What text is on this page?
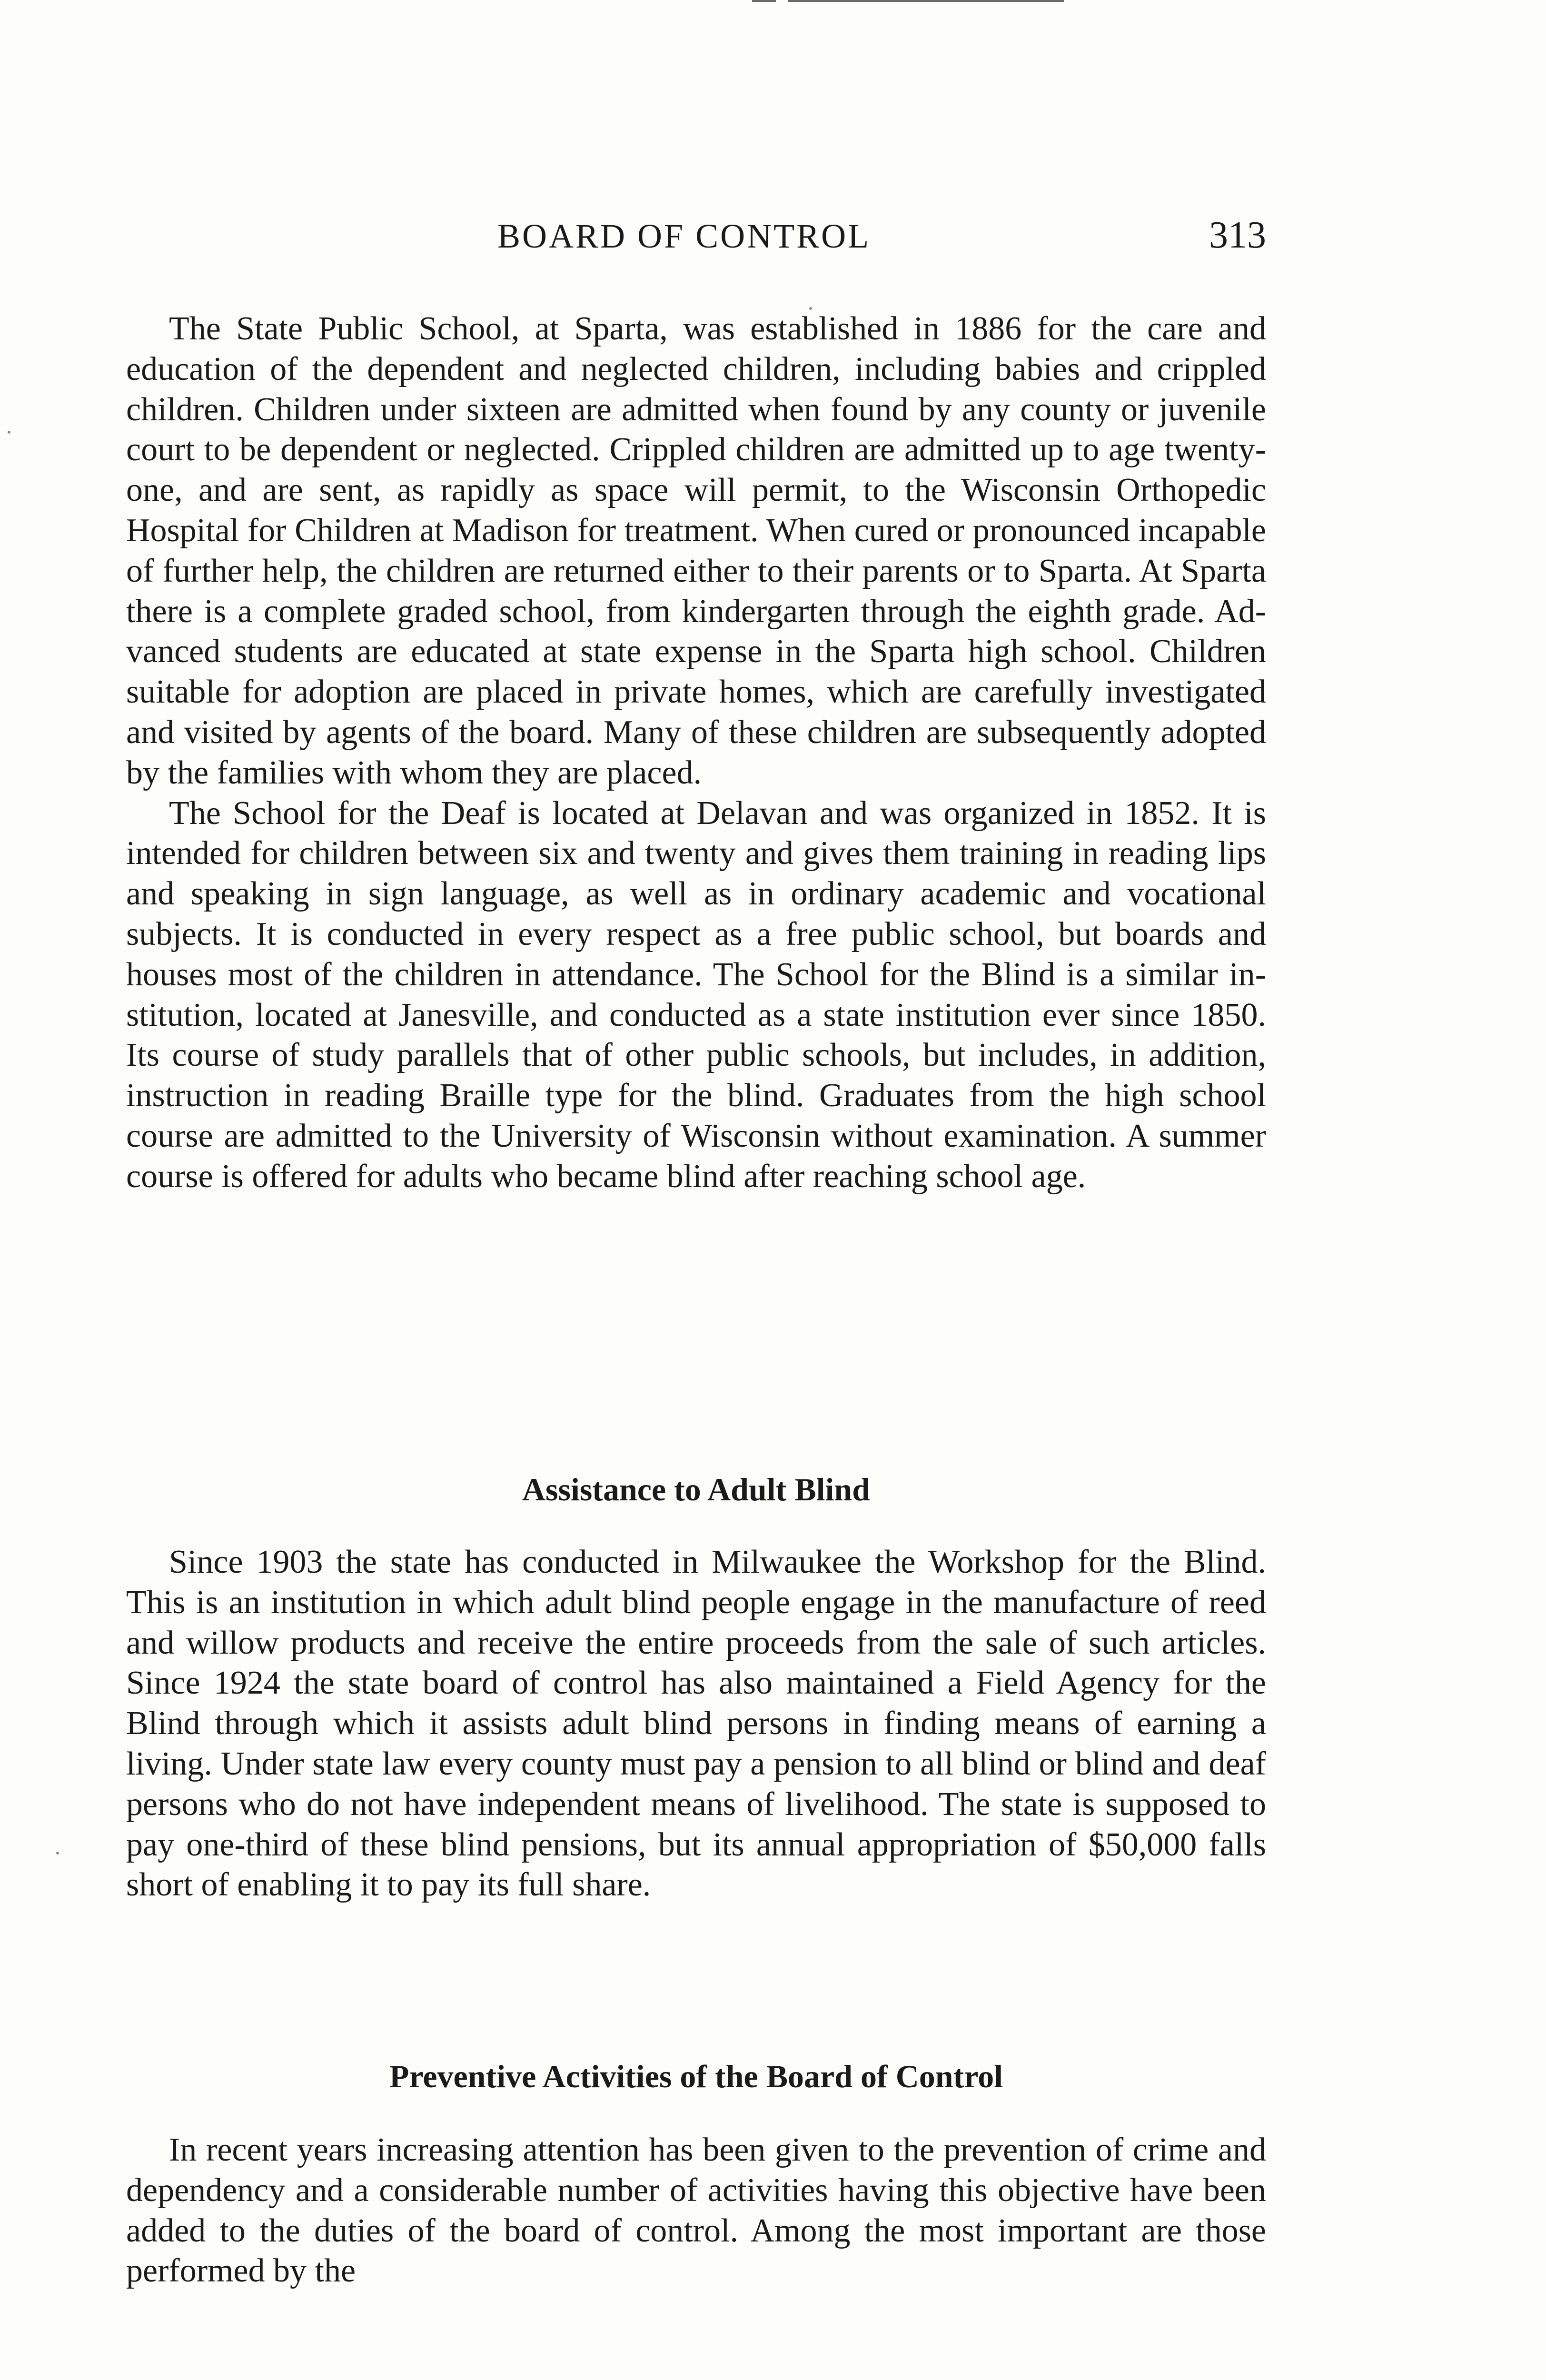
BOARD OF CONTROL	313

The State Public School, at Sparta, was established in 1886 for the care and education of the dependent and neglected children, including babies and crippled children. Children under sixteen are admitted when found by any county or juvenile court to be dependent or neglected. Crippled children are admitted up to age twenty-one, and are sent, as rapidly as space will permit, to the Wisconsin Orthopedic Hospital for Children at Madison for treatment. When cured or pronounced incapable of further help, the children are returned either to their parents or to Sparta. At Sparta there is a complete graded school, from kindergarten through the eighth grade. Advanced students are educated at state expense in the Sparta high school. Children suitable for adoption are placed in private homes, which are carefully investigated and visited by agents of the board. Many of these children are subsequently adopted by the families with whom they are placed.

The School for the Deaf is located at Delavan and was organized in 1852. It is intended for children between six and twenty and gives them training in reading lips and speaking in sign language, as well as in ordinary academic and vocational subjects. It is conducted in every respect as a free public school, but boards and houses most of the children in attendance. The School for the Blind is a similar institution, located at Janesville, and conducted as a state institution ever since 1850. Its course of study parallels that of other public schools, but includes, in addition, instruction in reading Braille type for the blind. Graduates from the high school course are admitted to the University of Wisconsin without examination. A summer course is offered for adults who became blind after reaching school age.

Assistance to Adult Blind

Since 1903 the state has conducted in Milwaukee the Workshop for the Blind. This is an institution in which adult blind people engage in the manufacture of reed and willow products and receive the entire proceeds from the sale of such articles. Since 1924 the state board of control has also maintained a Field Agency for the Blind through which it assists adult blind persons in finding means of earning a living. Under state law every county must pay a pension to all blind or blind and deaf persons who do not have independent means of livelihood. The state is supposed to pay one-third of these blind pensions, but its annual appropriation of $50,000 falls short of enabling it to pay its full share.

Preventive Activities of the Board of Control

In recent years increasing attention has been given to the prevention of crime and dependency and a considerable number of activities having this objective have been added to the duties of the board of control. Among the most important are those performed by the
